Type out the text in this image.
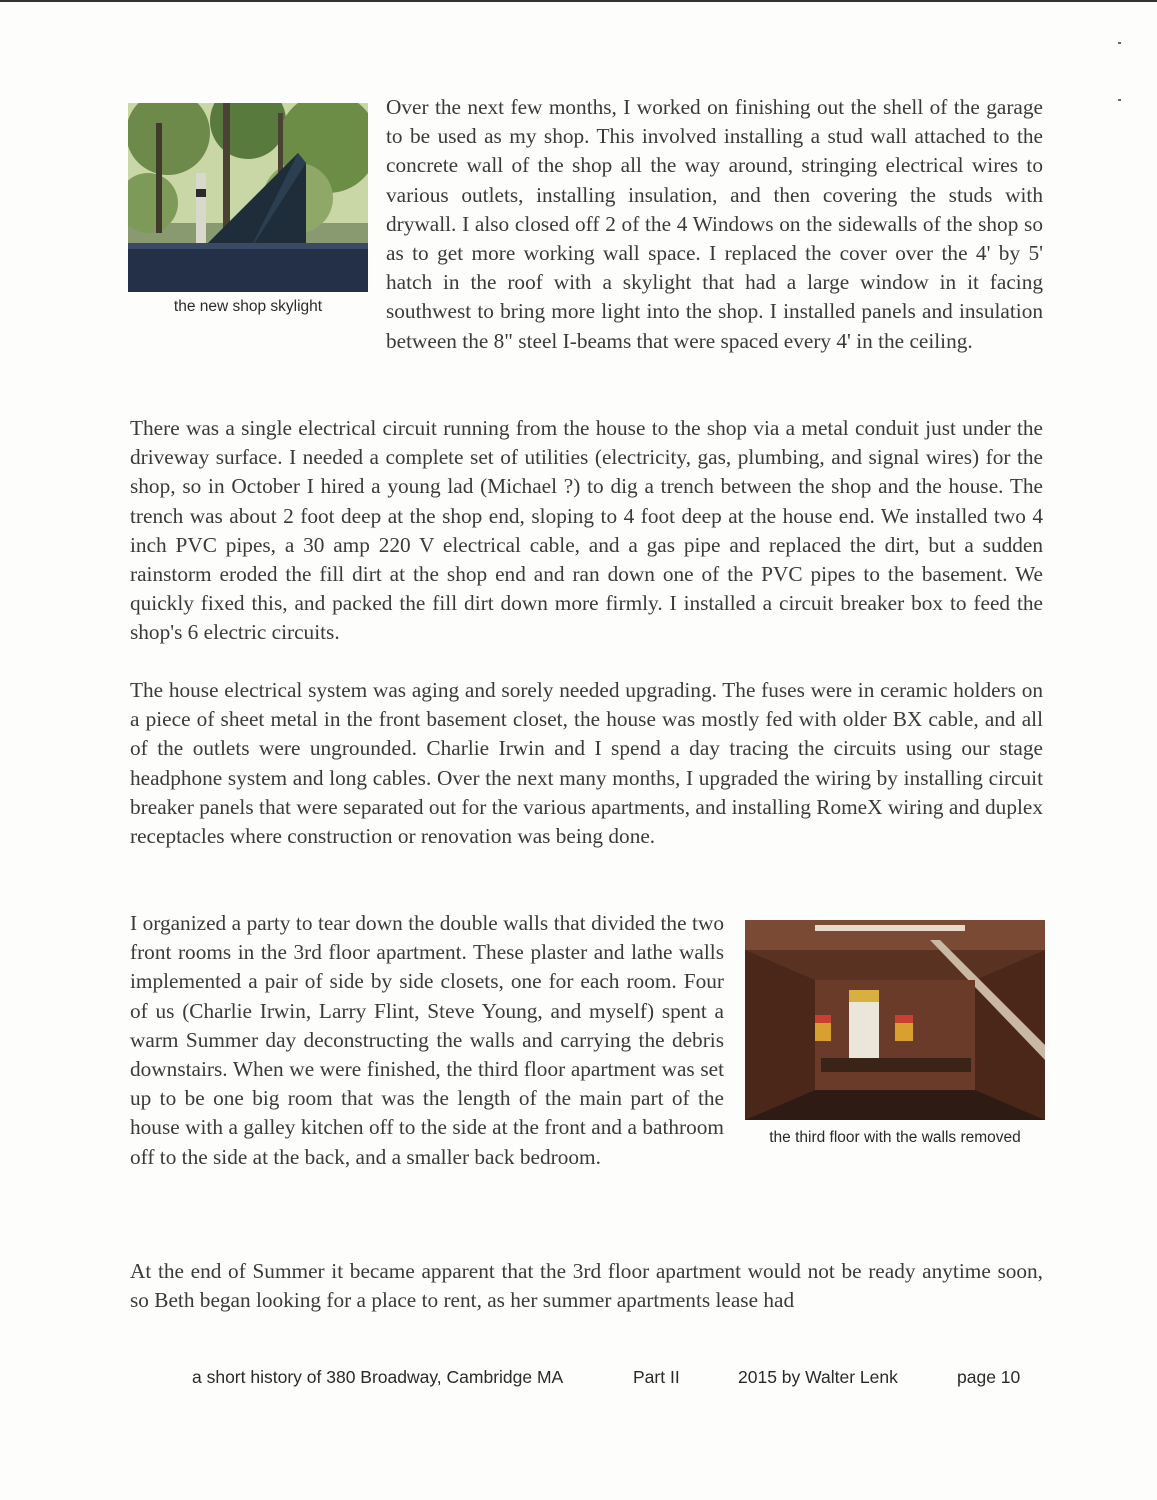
Over the next few months, I worked on finishing out the shell of the garage to be used as my shop. This involved installing a stud wall attached to the concrete wall of the shop all the way around, stringing electrical wires to various outlets, installing insulation, and then covering the studs with drywall. I also closed off 2 of the 4 Windows on the sidewalls of the shop so as to get more working wall space. I replaced the cover over the 4' by 5' hatch in the roof with a skylight that had a large window in it facing southwest to bring more light into the shop. I installed panels and insulation between the 8" steel I-beams that were spaced every 4' in the ceiling.

the new shop skylight

There was a single electrical circuit running from the house to the shop via a metal conduit just under the driveway surface. I needed a complete set of utilities (electricity, gas, plumbing, and signal wires) for the shop, so in October I hired a young lad (Michael ?) to dig a trench between the shop and the house. The trench was about 2 foot deep at the shop end, sloping to 4 foot deep at the house end. We installed two 4 inch PVC pipes, a 30 amp 220 V electrical cable, and a gas pipe and replaced the dirt, but a sudden rainstorm eroded the fill dirt at the shop end and ran down one of the PVC pipes to the basement. We quickly fixed this, and packed the fill dirt down more firmly. I installed a circuit breaker box to feed the shop's 6 electric circuits.

The house electrical system was aging and sorely needed upgrading. The fuses were in ceramic holders on a piece of sheet metal in the front basement closet, the house was mostly fed with older BX cable, and all of the outlets were ungrounded. Charlie Irwin and I spend a day tracing the circuits using our stage headphone system and long cables. Over the next many months, I upgraded the wiring by installing circuit breaker panels that were separated out for the various apartments, and installing RomeX wiring and duplex receptacles where construction or renovation was being done.

I organized a party to tear down the double walls that divided the two front rooms in the 3rd floor apartment. These plaster and lathe walls implemented a pair of side by side closets, one for each room. Four of us (Charlie Irwin, Larry Flint, Steve Young, and myself) spent a warm Summer day deconstructing the walls and carrying the debris downstairs. When we were finished, the third floor apartment was set up to be one big room that was the length of the main part of the house with a galley kitchen off to the side at the front and a bathroom off to the side at the back, and a smaller back bedroom.

the third floor with the walls removed

At the end of Summer it became apparent that the 3rd floor apartment would not be ready anytime soon, so Beth began looking for a place to rent, as her summer apartments lease had

a short history of 380 Broadway, Cambridge MA	Part II	2015 by Walter Lenk	page 10
